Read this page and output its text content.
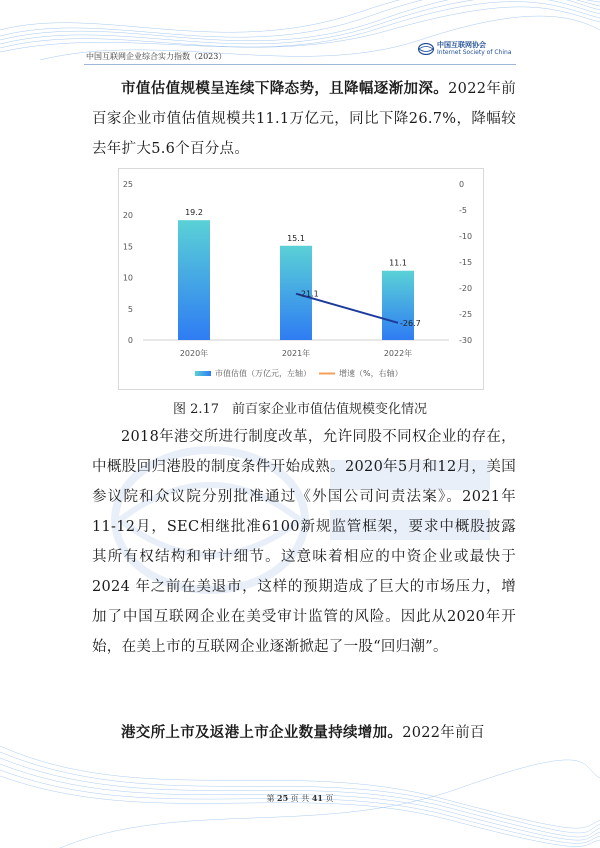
中国互联网企业综合实力指数（2023）
中国互联网协会
Internet Society of China
市值估值规模呈连续下降态势，且降幅逐渐加深。2022年前百家企业市值估值规模共11.1万亿元，同比下降26.7%，降幅较去年扩大5.6个百分点。
25
20
15
10
5
0
0
-5
-10
-15
-20
-25
-30
19.2
2020年
15.1
2021年
11.1
2022年
-21.1
-26.7
市值估值（万亿元，左轴）	增速（%，右轴）
图 2.17　前百家企业市值估值规模变化情况
2018年港交所进行制度改革，允许同股不同权企业的存在，中概股回归港股的制度条件开始成熟。2020年5月和12月，美国参议院和众议院分别批准通过《外国公司问责法案》。2021年11-12月，SEC相继批准6100新规监管框架，要求中概股披露其所有权结构和审计细节。这意味着相应的中资企业或最快于 2024 年之前在美退市，这样的预期造成了巨大的市场压力，增加了中国互联网企业在美受审计监管的风险。因此从2020年开始，在美上市的互联网企业逐渐掀起了一股“回归潮”。
港交所上市及返港上市企业数量持续增加。2022年前百
第 25 页 共 41 页
